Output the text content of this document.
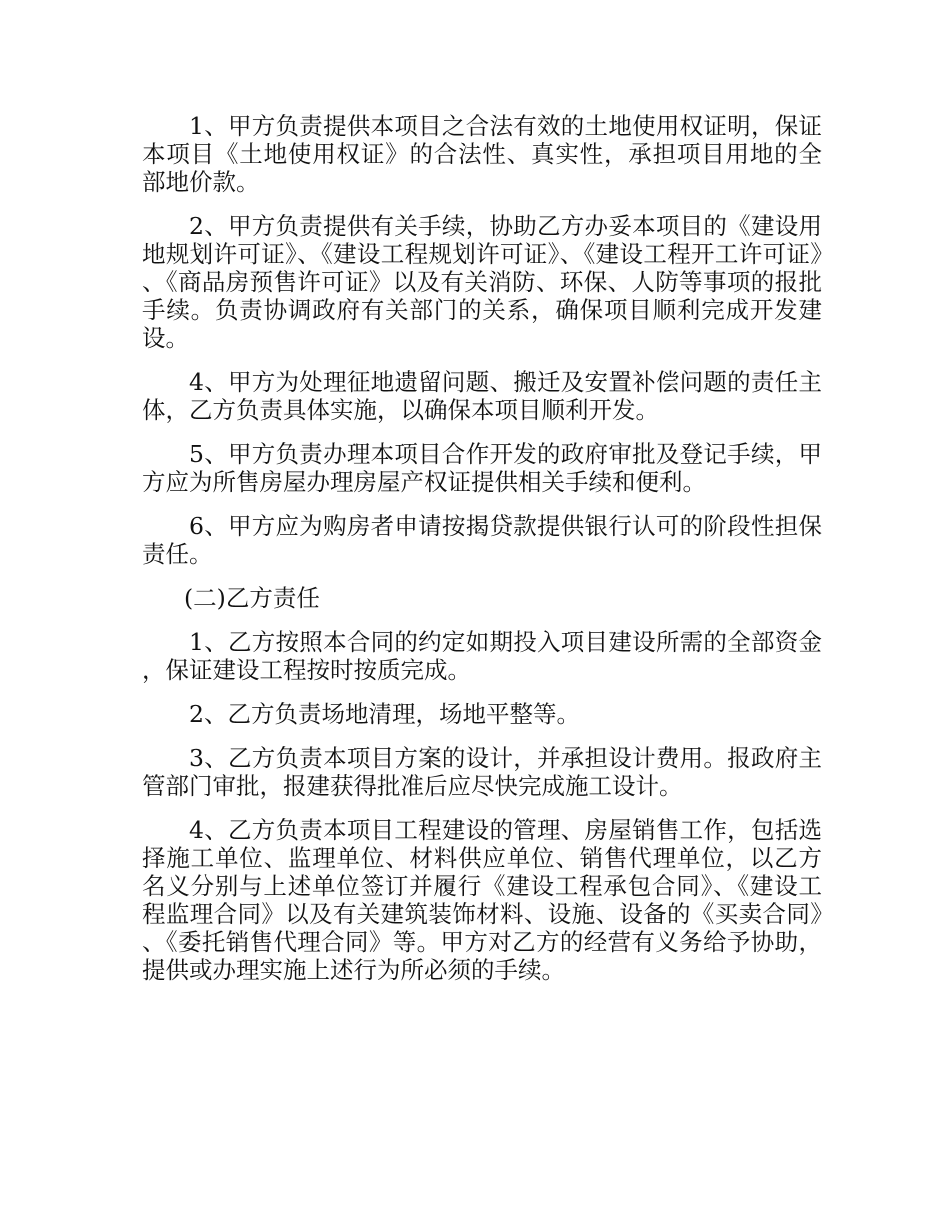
1、甲方负责提供本项目之合法有效的土地使用权证明，保证本项目《土地使用权证》的合法性、真实性，承担项目用地的全部地价款。

2、甲方负责提供有关手续，协助乙方办妥本项目的《建设用地规划许可证》、《建设工程规划许可证》、《建设工程开工许可证》、《商品房预售许可证》以及有关消防、环保、人防等事项的报批手续。负责协调政府有关部门的关系，确保项目顺利完成开发建设。

4、甲方为处理征地遗留问题、搬迁及安置补偿问题的责任主体，乙方负责具体实施，以确保本项目顺利开发。

5、甲方负责办理本项目合作开发的政府审批及登记手续，甲方应为所售房屋办理房屋产权证提供相关手续和便利。

6、甲方应为购房者申请按揭贷款提供银行认可的阶段性担保责任。

(二)乙方责任

1、乙方按照本合同的约定如期投入项目建设所需的全部资金，保证建设工程按时按质完成。

2、乙方负责场地清理，场地平整等。

3、乙方负责本项目方案的设计，并承担设计费用。报政府主管部门审批，报建获得批准后应尽快完成施工设计。

4、乙方负责本项目工程建设的管理、房屋销售工作，包括选择施工单位、监理单位、材料供应单位、销售代理单位，以乙方名义分别与上述单位签订并履行《建设工程承包合同》、《建设工程监理合同》以及有关建筑装饰材料、设施、设备的《买卖合同》、《委托销售代理合同》等。甲方对乙方的经营有义务给予协助，提供或办理实施上述行为所必须的手续。
